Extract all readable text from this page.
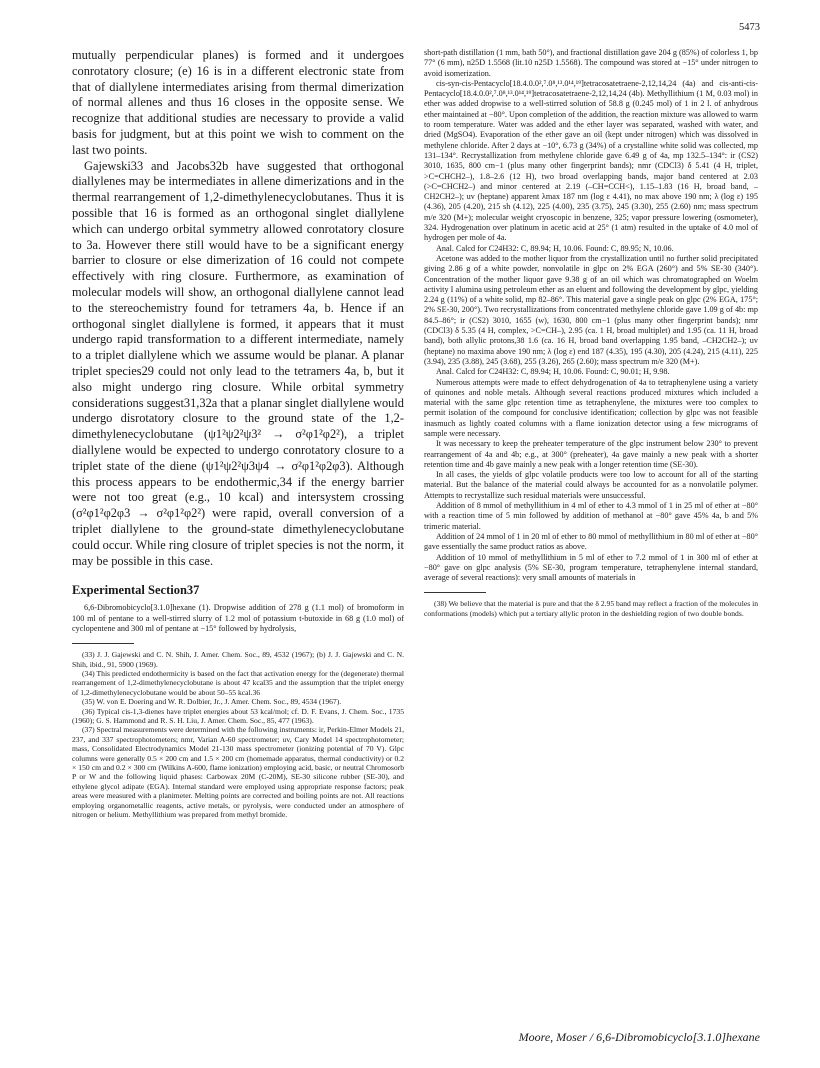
5473

mutually perpendicular planes) is formed and it undergoes conrotatory closure; (e) 16 is in a different electronic state from that of diallylene intermediates arising from thermal dimerization of normal allenes and thus 16 closes in the opposite sense. We recognize that additional studies are necessary to provide a valid basis for judgment, but at this point we wish to comment on the last two points.

Gajewski33 and Jacobs32b have suggested that orthogonal diallylenes may be intermediates in allene dimerizations and in the thermal rearrangement of 1,2-dimethylenecyclobutanes. Thus it is possible that 16 is formed as an orthogonal singlet diallylene which can undergo orbital symmetry allowed conrotatory closure to 3a. However there still would have to be a significant energy barrier to closure or else dimerization of 16 could not compete effectively with ring closure. Furthermore, as examination of molecular models will show, an orthogonal diallylene cannot lead to the stereochemistry found for tetramers 4a, b. Hence if an orthogonal singlet diallylene is formed, it appears that it must undergo rapid transformation to a different intermediate, namely to a triplet diallylene which we assume would be planar. A planar triplet species29 could not only lead to the tetramers 4a, b, but it also might undergo ring closure. While orbital symmetry considerations suggest31,32a that a planar singlet diallylene would undergo disrotatory closure to the ground state of the 1,2-dimethylenecyclobutane (ψ1²ψ2²ψ3² → σ²φ1²φ2²), a triplet diallylene would be expected to undergo conrotatory closure to a triplet state of the diene (ψ1²ψ2²ψ3ψ4 → σ²φ1²φ2φ3). Although this process appears to be endothermic,34 if the energy barrier were not too great (e.g., 10 kcal) and intersystem crossing (σ²φ1²φ2φ3 → σ²φ1²φ2²) were rapid, overall conversion of a triplet diallylene to the ground-state dimethylenecyclobutane could occur. While ring closure of triplet species is not the norm, it may be possible in this case.

Experimental Section37

6,6-Dibromobicyclo[3.1.0]hexane (1). Dropwise addition of 278 g (1.1 mol) of bromoform in 100 ml of pentane to a well-stirred slurry of 1.2 mol of potassium t-butoxide in 68 g (1.0 mol) of cyclopentene and 300 ml of pentane at −15° followed by hydrolysis,

(33) J. J. Gajewski and C. N. Shih, J. Amer. Chem. Soc., 89, 4532 (1967); (b) J. J. Gajewski and C. N. Shih, ibid., 91, 5900 (1969).

(34) This predicted endothermicity is based on the fact that activation energy for the (degenerate) thermal rearrangement of 1,2-dimethylenecyclobutane is about 47 kcal35 and the assumption that the triplet energy of 1,2-dimethylenecyclobutane would be about 50–55 kcal.36

(35) W. von E. Doering and W. R. Dolbier, Jr., J. Amer. Chem. Soc., 89, 4534 (1967).

(36) Typical cis-1,3-dienes have triplet energies about 53 kcal/mol; cf. D. F. Evans, J. Chem. Soc., 1735 (1960); G. S. Hammond and R. S. H. Liu, J. Amer. Chem. Soc., 85, 477 (1963).

(37) Spectral measurements were determined with the following instruments: ir, Perkin-Elmer Models 21, 237, and 337 spectrophotometers; nmr, Varian A-60 spectrometer; uv, Cary Model 14 spectrophotometer; mass, Consolidated Electrodynamics Model 21-130 mass spectrometer (ionizing potential of 70 V). Glpc columns were generally 0.5 × 200 cm and 1.5 × 200 cm (homemade apparatus, thermal conductivity) or 0.2 × 150 cm and 0.2 × 300 cm (Wilkins A-600, flame ionization) employing acid, basic, or neutral Chromosorb P or W and the following liquid phases: Carbowax 20M (C-20M), SE-30 silicone rubber (SE-30), and ethylene glycol adipate (EGA). Internal standard were employed using appropriate response factors; peak areas were measured with a planimeter. Melting points are corrected and boiling points are not. All reactions employing organometallic reagents, active metals, or pyrolysis, were conducted under an atmosphere of nitrogen or helium. Methyllithium was prepared from methyl bromide.

short-path distillation (1 mm, bath 50°), and fractional distillation gave 204 g (85%) of colorless 1, bp 77° (6 mm), n25D 1.5568 (lit.10 n25D 1.5568). The compound was stored at −15° under nitrogen to avoid isomerization.

cis-syn-cis-Pentacyclo[18.4.0.0²,⁷.0⁸,¹³.0¹⁴,¹⁹]tetracosatetraene-2,12,14,24 (4a) and cis-anti-cis-Pentacyclo[18.4.0.0²,⁷.0⁸,¹³.0¹⁴,¹⁹]tetracosatetraene-2,12,14,24 (4b). Methyllithium (1 M, 0.03 mol) in ether was added dropwise to a well-stirred solution of 58.8 g (0.245 mol) of 1 in 2 l. of anhydrous ether maintained at −80°. Upon completion of the addition, the reaction mixture was allowed to warm to room temperature. Water was added and the ether layer was separated, washed with water, and dried (MgSO4). Evaporation of the ether gave an oil (kept under nitrogen) which was dissolved in methylene chloride. After 2 days at −10°, 6.73 g (34%) of a crystalline white solid was collected, mp 131–134°. Recrystallization from methylene chloride gave 6.49 g of 4a, mp 132.5–134°: ir (CS2) 3010, 1635, 800 cm−1 (plus many other fingerprint bands); nmr (CDCl3) δ 5.41 (4 H, triplet, >C=CHCH2–), 1.8–2.6 (12 H), two broad overlapping bands, major band centered at 2.03 (>C=CHCH2–) and minor centered at 2.19 (–CH=CCH<), 1.15–1.83 (16 H, broad band, –CH2CH2–); uv (heptane) apparent λmax 187 nm (log ε 4.41), no max above 190 nm; λ (log ε) 195 (4.36), 205 (4.20), 215 sh (4.12), 225 (4.00), 235 (3.75), 245 (3.30), 255 (2.60) nm; mass spectrum m/e 320 (M+); molecular weight cryoscopic in benzene, 325; vapor pressure lowering (osmometer), 324. Hydrogenation over platinum in acetic acid at 25° (1 atm) resulted in the uptake of 4.0 mol of hydrogen per mole of 4a.

Anal. Calcd for C24H32: C, 89.94; H, 10.06. Found: C, 89.95; N, 10.06.

Acetone was added to the mother liquor from the crystallization until no further solid precipitated giving 2.86 g of a white powder, nonvolatile in glpc on 2% EGA (260°) and 5% SE-30 (340°). Concentration of the mother liquor gave 9.38 g of an oil which was chromatographed on Woelm activity I alumina using petroleum ether as an eluent and following the development by glpc, yielding 2.24 g (11%) of a white solid, mp 82–86°. This material gave a single peak on glpc (2% EGA, 175°; 2% SE-30, 200°). Two recrystallizations from concentrated methylene chloride gave 1.09 g of 4b: mp 84.5–86°; ir (CS2) 3010, 1655 (w), 1630, 800 cm−1 (plus many other fingerprint bands); nmr (CDCl3) δ 5.35 (4 H, complex, >C=CH–), 2.95 (ca. 1 H, broad multiplet) and 1.95 (ca. 11 H, broad band), both allylic protons,38 1.6 (ca. 16 H, broad band overlapping 1.95 band, –CH2CH2–); uv (heptane) no maxima above 190 nm; λ (log ε) end 187 (4.35), 195 (4.30), 205 (4.24), 215 (4.11), 225 (3.94), 235 (3.88), 245 (3.68), 255 (3.26), 265 (2.60); mass spectrum m/e 320 (M+).

Anal. Calcd for C24H32: C, 89.94; H, 10.06. Found: C, 90.01; H, 9.98.

Numerous attempts were made to effect dehydrogenation of 4a to tetraphenylene using a variety of quinones and noble metals. Although several reactions produced mixtures which included a material with the same glpc retention time as tetraphenylene, the mixtures were too complex to permit isolation of the compound for conclusive identification; collection by glpc was not feasible inasmuch as lightly coated columns with a flame ionization detector using a few micrograms of sample were necessary.

It was necessary to keep the preheater temperature of the glpc instrument below 230° to prevent rearrangement of 4a and 4b; e.g., at 300° (preheater), 4a gave mainly a new peak with a shorter retention time and 4b gave mainly a new peak with a longer retention time (SE-30).

In all cases, the yields of glpc volatile products were too low to account for all of the starting material. But the balance of the material could always be accounted for as a nonvolatile polymer. Attempts to recrystallize such residual materials were unsuccessful.

Addition of 8 mmol of methyllithium in 4 ml of ether to 4.3 mmol of 1 in 25 ml of ether at −80° with a reaction time of 5 min followed by addition of methanol at −80° gave 45% 4a, b and 5% trimeric material.

Addition of 24 mmol of 1 in 20 ml of ether to 80 mmol of methyllithium in 80 ml of ether at −80° gave essentially the same product ratios as above.

Addition of 10 mmol of methyllithium in 5 ml of ether to 7.2 mmol of 1 in 300 ml of ether at −80° gave on glpc analysis (5% SE-30, program temperature, tetraphenylene internal standard, average of several reactions): very small amounts of materials in

(38) We believe that the material is pure and that the δ 2.95 band may reflect a fraction of the molecules in conformations (models) which put a tertiary allylic proton in the deshielding region of two double bonds.

Moore, Moser / 6,6-Dibromobicyclo[3.1.0]hexane
